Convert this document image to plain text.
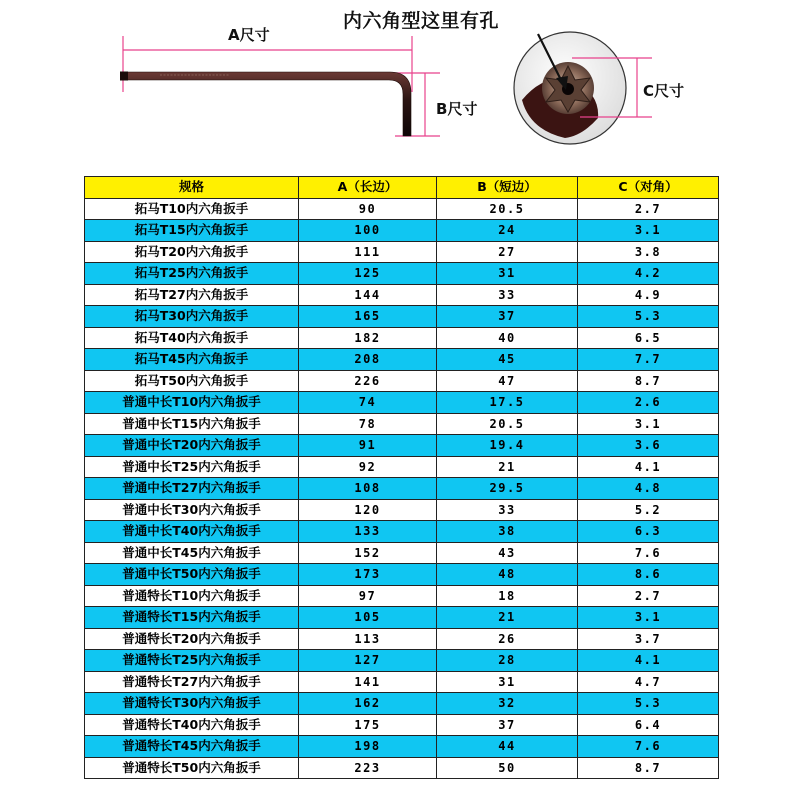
A尺寸
B尺寸
C尺寸
内六角型这里有孔
规格	A（长边）	B（短边）	C（对角）
拓马T10内六角扳手	90	20.5	2.7
拓马T15内六角扳手	100	24	3.1
拓马T20内六角扳手	111	27	3.8
拓马T25内六角扳手	125	31	4.2
拓马T27内六角扳手	144	33	4.9
拓马T30内六角扳手	165	37	5.3
拓马T40内六角扳手	182	40	6.5
拓马T45内六角扳手	208	45	7.7
拓马T50内六角扳手	226	47	8.7
普通中长T10内六角扳手	74	17.5	2.6
普通中长T15内六角扳手	78	20.5	3.1
普通中长T20内六角扳手	91	19.4	3.6
普通中长T25内六角扳手	92	21	4.1
普通中长T27内六角扳手	108	29.5	4.8
普通中长T30内六角扳手	120	33	5.2
普通中长T40内六角扳手	133	38	6.3
普通中长T45内六角扳手	152	43	7.6
普通中长T50内六角扳手	173	48	8.6
普通特长T10内六角扳手	97	18	2.7
普通特长T15内六角扳手	105	21	3.1
普通特长T20内六角扳手	113	26	3.7
普通特长T25内六角扳手	127	28	4.1
普通特长T27内六角扳手	141	31	4.7
普通特长T30内六角扳手	162	32	5.3
普通特长T40内六角扳手	175	37	6.4
普通特长T45内六角扳手	198	44	7.6
普通特长T50内六角扳手	223	50	8.7
